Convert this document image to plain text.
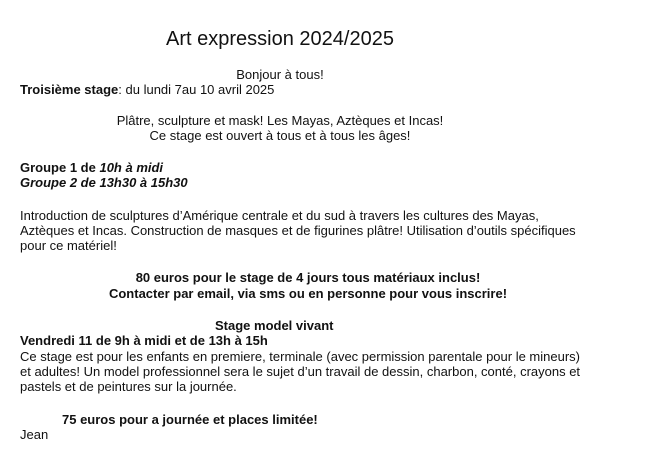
Art expression 2024/2025
Bonjour à tous!
Troisième stage: du lundi 7au 10 avril 2025
Plâtre, sculpture et mask! Les Mayas, Aztèques et Incas!
Ce stage est ouvert à tous et à tous les âges!
Groupe 1 de 10h à midi
Groupe 2 de 13h30 à 15h30
Introduction de sculptures d’Amérique centrale et du sud à travers les cultures des Mayas,
Aztèques et Incas. Construction de masques et de figurines plâtre! Utilisation d’outils spécifiques
pour ce matériel!
80 euros pour le stage de 4 jours tous matériaux inclus!
Contacter par email, via sms ou en personne pour vous inscrire!
Stage model vivant
Vendredi 11 de 9h à midi et de 13h à 15h
Ce stage est pour les enfants en premiere, terminale (avec permission parentale pour le mineurs)
et adultes! Un model professionnel sera le sujet d’un travail de dessin, charbon, conté, crayons et
pastels et de peintures sur la journée.
75 euros pour a journée et places limitée!
Jean
